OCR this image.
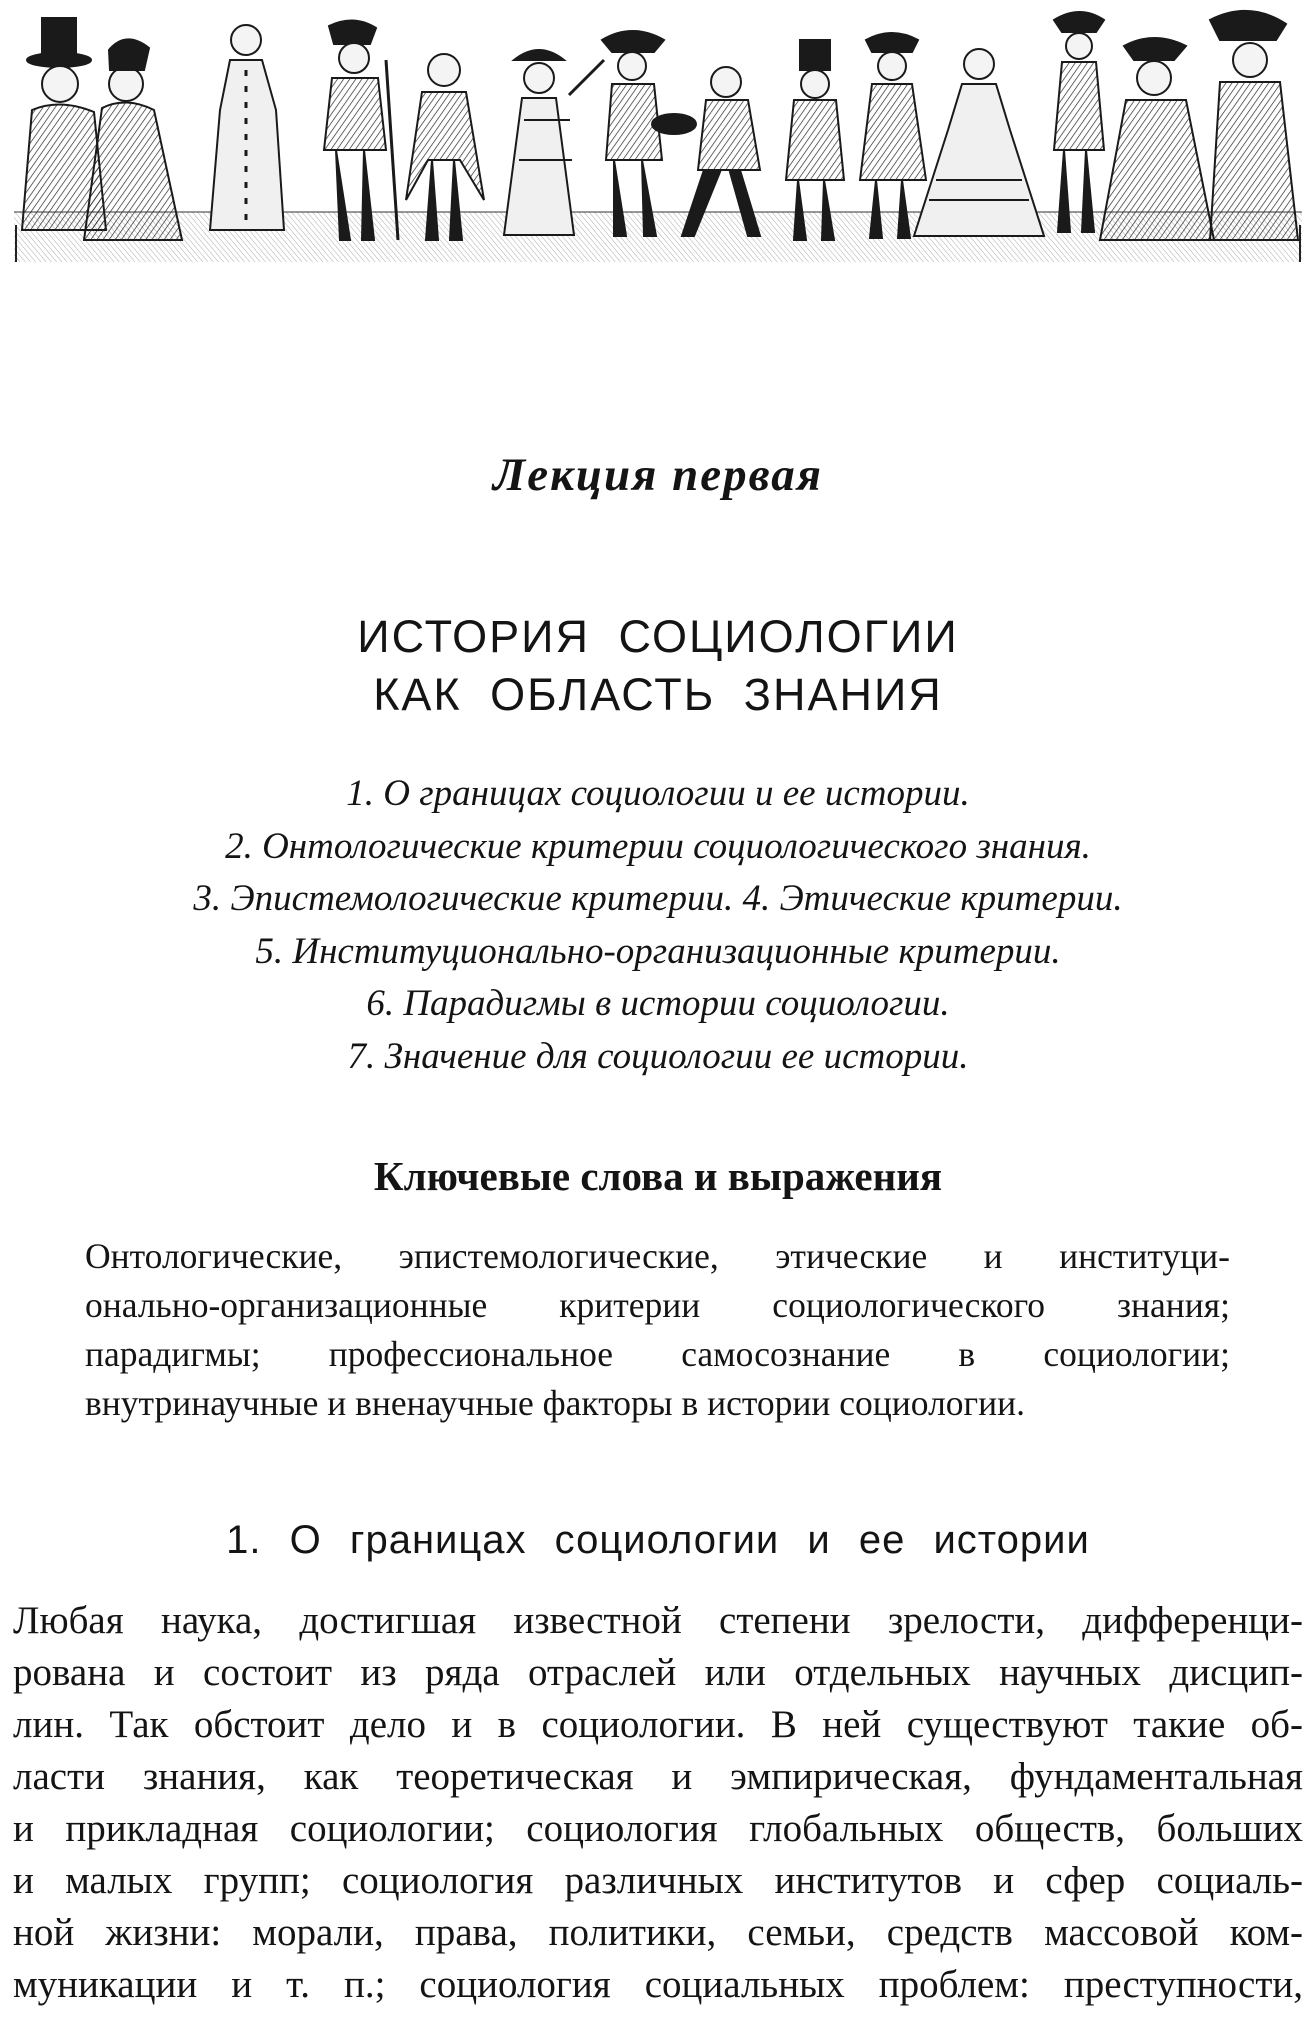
Лекция первая
ИСТОРИЯ СОЦИОЛОГИИ
КАК ОБЛАСТЬ ЗНАНИЯ
1. О границах социологии и ее истории.
2. Онтологические критерии социологического знания.
3. Эпистемологические критерии. 4. Этические критерии.
5. Институционально-организационные критерии.
6. Парадигмы в истории социологии.
7. Значение для социологии ее истории.
Ключевые слова и выражения
Онтологические, эпистемологические, этические и институци-
онально-организационные критерии социологического знания;
парадигмы; профессиональное самосознание в социологии;
внутринаучные и вненаучные факторы в истории социологии.
1. О границах социологии и ее истории
Любая наука, достигшая известной степени зрелости, дифференци-
рована и состоит из ряда отраслей или отдельных научных дисцип-
лин. Так обстоит дело и в социологии. В ней существуют такие об-
ласти знания, как теоретическая и эмпирическая, фундаментальная
и прикладная социологии; социология глобальных обществ, больших
и малых групп; социология различных институтов и сфер социаль-
ной жизни: морали, права, политики, семьи, средств массовой ком-
муникации и т. п.; социология социальных проблем: преступности,
